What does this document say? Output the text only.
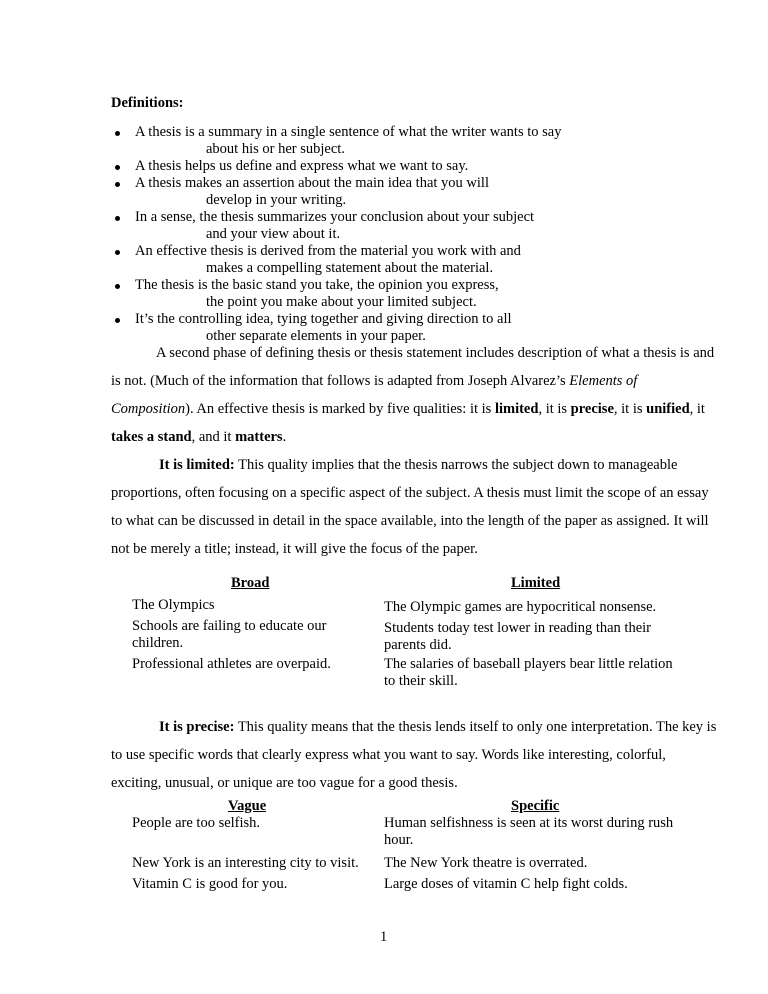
Definitions:
A thesis is a summary in a single sentence of what the writer wants to say
about his or her subject.
A thesis helps us define and express what we want to say.
A thesis makes an assertion about the main idea that you will
develop in your writing.
In a sense, the thesis summarizes your conclusion about your subject
and your view about it.
An effective thesis is derived from the material you work with and
makes a compelling statement about the material.
The thesis is the basic stand you take, the opinion you express,
the point you make about your limited subject.
It’s the controlling idea, tying together and giving direction to all
other separate elements in your paper.
A second phase of defining thesis or thesis statement includes description of what a thesis is and
is not. (Much of the information that follows is adapted from Joseph Alvarez’s Elements of
Composition). An effective thesis is marked by five qualities: it is limited, it is precise, it is unified, it
takes a stand, and it matters.
It is limited: This quality implies that the thesis narrows the subject down to manageable
proportions, often focusing on a specific aspect of the subject. A thesis must limit the scope of an essay
to what can be discussed in detail in the space available, into the length of the paper as assigned. It will
not be merely a title; instead, it will give the focus of the paper.
Broad	Limited
The Olympics
Schools are failing to educate our
children.
Professional athletes are overpaid.
The Olympic games are hypocritical nonsense.
Students today test lower in reading than their
parents did.
The salaries of baseball players bear little relation
to their skill.
It is precise: This quality means that the thesis lends itself to only one interpretation. The key is
to use specific words that clearly express what you want to say. Words like interesting, colorful,
exciting, unusual, or unique are too vague for a good thesis.
Vague	Specific
People are too selfish.
New York is an interesting city to visit.
Vitamin C is good for you.
Human selfishness is seen at its worst during rush
hour.
The New York theatre is overrated.
Large doses of vitamin C help fight colds.
1
